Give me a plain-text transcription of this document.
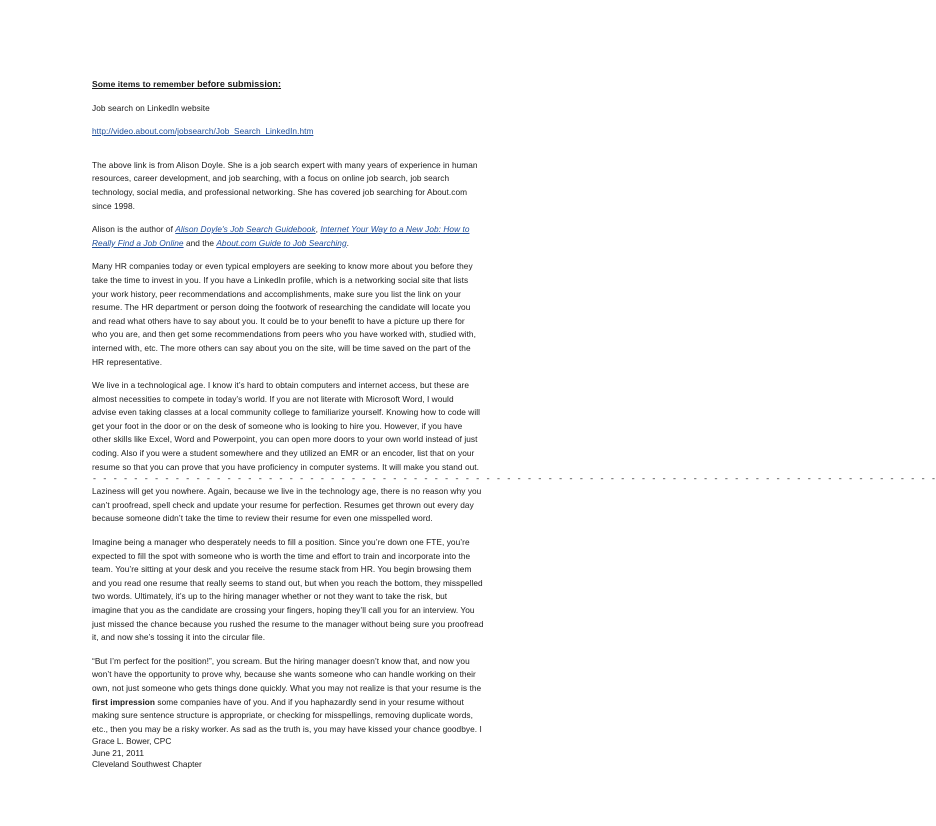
Some items to remember before submission:
Job search on LinkedIn website
http://video.about.com/jobsearch/Job_Search_LinkedIn.htm
The above link is from Alison Doyle. She is a job search expert with many years of experience in human
resources, career development, and job searching, with a focus on online job search, job search
technology, social media, and professional networking. She has covered job searching for About.com
since 1998.
Alison is the author of Alison Doyle's Job Search Guidebook, Internet Your Way to a New Job: How to
Really Find a Job Online and the About.com Guide to Job Searching.
Many HR companies today or even typical employers are seeking to know more about you before they
take the time to invest in you. If you have a LinkedIn profile, which is a networking social site that lists
your work history, peer recommendations and accomplishments, make sure you list the link on your
resume. The HR department or person doing the footwork of researching the candidate will locate you
and read what others have to say about you. It could be to your benefit to have a picture up there for
who you are, and then get some recommendations from peers who you have worked with, studied with,
interned with, etc. The more others can say about you on the site, will be time saved on the part of the
HR representative.
We live in a technological age. I know it’s hard to obtain computers and internet access, but these are
almost necessities to compete in today’s world. If you are not literate with Microsoft Word, I would
advise even taking classes at a local community college to familiarize yourself. Knowing how to code will
get your foot in the door or on the desk of someone who is looking to hire you. However, if you have
other skills like Excel, Word and Powerpoint, you can open more doors to your own world instead of just
coding. Also if you were a student somewhere and they utilized an EMR or an encoder, list that on your
resume so that you can prove that you have proficiency in computer systems. It will make you stand out.
- - - - - - - - - - - - - - - - - - - - - - - - - - - - - - - - - - - - - - - - - - - - - - - - - - - - - - - - - - - - - - - - - - - - - - - - - - - - - - - - - -
Laziness will get you nowhere. Again, because we live in the technology age, there is no reason why you
can’t proofread, spell check and update your resume for perfection. Resumes get thrown out every day
because someone didn’t take the time to review their resume for even one misspelled word.
Imagine being a manager who desperately needs to fill a position. Since you’re down one FTE, you’re
expected to fill the spot with someone who is worth the time and effort to train and incorporate into the
team. You’re sitting at your desk and you receive the resume stack from HR. You begin browsing them
and you read one resume that really seems to stand out, but when you reach the bottom, they misspelled
two words. Ultimately, it’s up to the hiring manager whether or not they want to take the risk, but
imagine that you as the candidate are crossing your fingers, hoping they’ll call you for an interview. You
just missed the chance because you rushed the resume to the manager without being sure you proofread
it, and now she’s tossing it into the circular file.
“But I’m perfect for the position!”, you scream. But the hiring manager doesn’t know that, and now you
won’t have the opportunity to prove why, because she wants someone who can handle working on their
own, not just someone who gets things done quickly. What you may not realize is that your resume is the
first impression some companies have of you. And if you haphazardly send in your resume without
making sure sentence structure is appropriate, or checking for misspellings, removing duplicate words,
etc., then you may be a risky worker. As sad as the truth is, you may have kissed your chance goodbye. I
Grace L. Bower, CPC
June 21, 2011
Cleveland Southwest Chapter
